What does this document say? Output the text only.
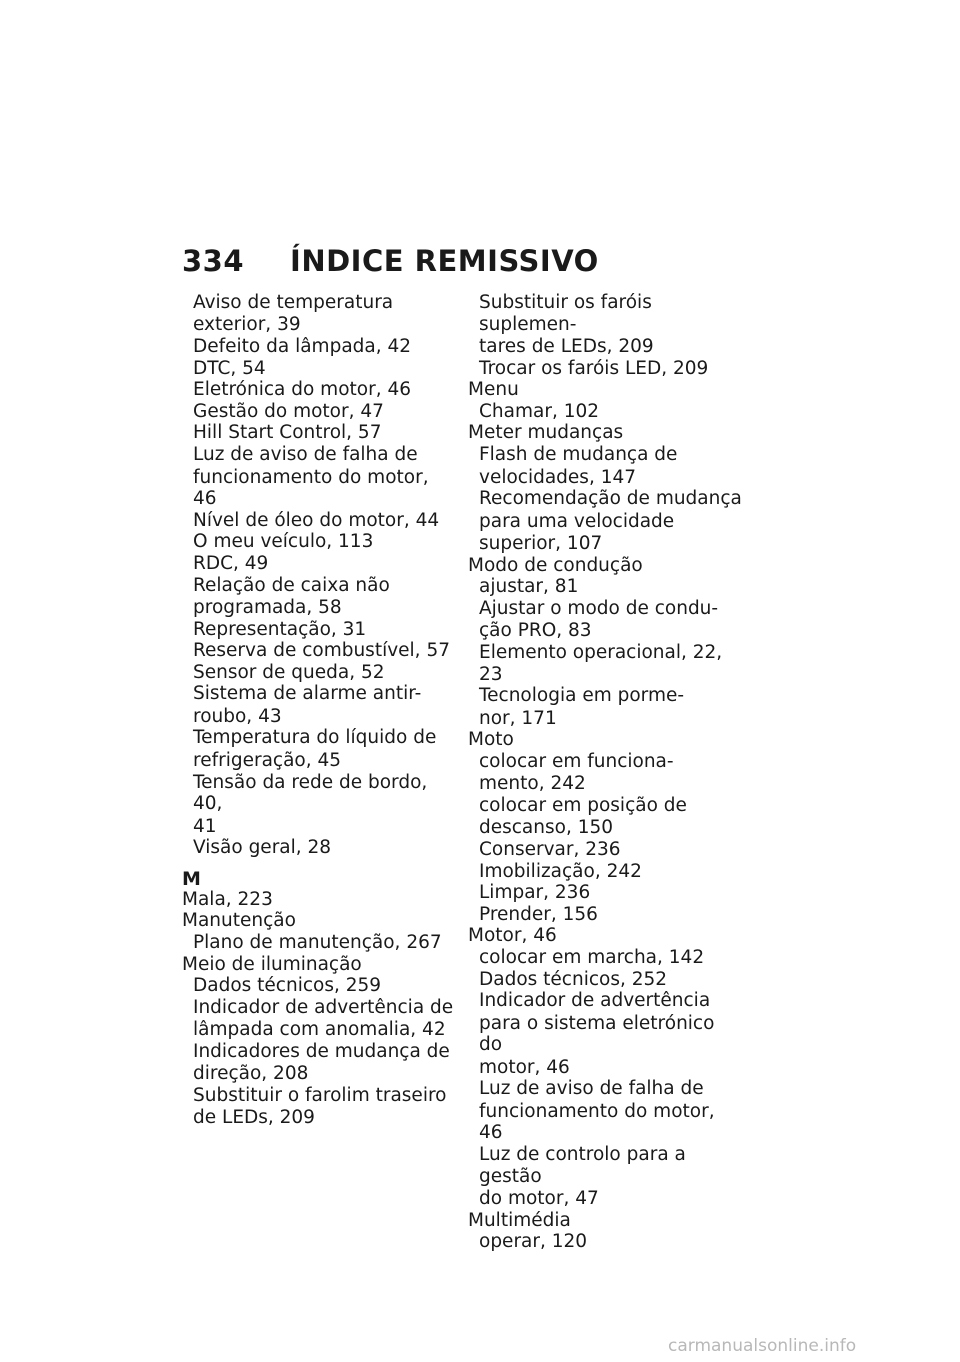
334 ÍNDICE REMISSIVO
Aviso de temperatura
exterior, 39
Defeito da lâmpada, 42
DTC, 54
Eletrónica do motor, 46
Gestão do motor, 47
Hill Start Control, 57
Luz de aviso de falha de
funcionamento do motor, 46
Nível de óleo do motor, 44
O meu veículo, 113
RDC, 49
Relação de caixa não
programada, 58
Representação, 31
Reserva de combustível, 57
Sensor de queda, 52
Sistema de alarme antir-
roubo, 43
Temperatura do líquido de
refrigeração, 45
Tensão da rede de bordo, 40,
41
Visão geral, 28
M
Mala, 223
Manutenção
Plano de manutenção, 267
Meio de iluminação
Dados técnicos, 259
Indicador de advertência de
lâmpada com anomalia, 42
Indicadores de mudança de
direção, 208
Substituir o farolim traseiro
de LEDs, 209
Substituir os faróis suplemen-
tares de LEDs, 209
Trocar os faróis LED, 209
Menu
Chamar, 102
Meter mudanças
Flash de mudança de
velocidades, 147
Recomendação de mudança
para uma velocidade
superior, 107
Modo de condução
ajustar, 81
Ajustar o modo de condu-
ção PRO, 83
Elemento operacional, 22, 23
Tecnologia em porme-
nor, 171
Moto
colocar em funciona-
mento, 242
colocar em posição de
descanso, 150
Conservar, 236
Imobilização, 242
Limpar, 236
Prender, 156
Motor, 46
colocar em marcha, 142
Dados técnicos, 252
Indicador de advertência
para o sistema eletrónico do
motor, 46
Luz de aviso de falha de
funcionamento do motor, 46
Luz de controlo para a gestão
do motor, 47
Multimédia
operar, 120
carmanualsonline.info
